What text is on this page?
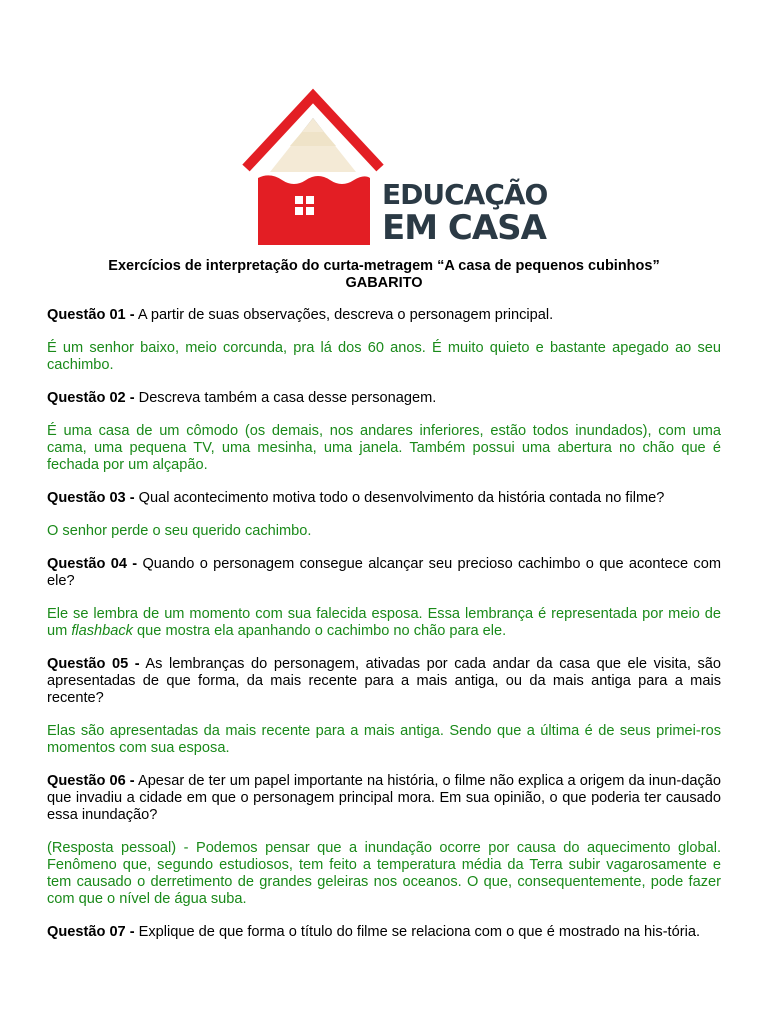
EDUCAÇÃO
EM CASA
Exercícios de interpretação do curta-metragem “A casa de pequenos cubinhos”
GABARITO

Questão 01 - A partir de suas observações, descreva o personagem principal.

É um senhor baixo, meio corcunda, pra lá dos 60 anos. É muito quieto e bastante apegado ao seu cachimbo.

Questão 02 - Descreva também a casa desse personagem.

É uma casa de um cômodo (os demais, nos andares inferiores, estão todos inundados), com uma cama, uma pequena TV, uma mesinha, uma janela. Também possui uma abertura no chão que é fechada por um alçapão.

Questão 03 - Qual acontecimento motiva todo o desenvolvimento da história contada no filme?

O senhor perde o seu querido cachimbo.

Questão 04 - Quando o personagem consegue alcançar seu precioso cachimbo o que acontece com ele?

Ele se lembra de um momento com sua falecida esposa. Essa lembrança é representada por meio de um flashback que mostra ela apanhando o cachimbo no chão para ele.

Questão 05 - As lembranças do personagem, ativadas por cada andar da casa que ele visita, são apresentadas de que forma, da mais recente para a mais antiga, ou da mais antiga para a mais recente?

Elas são apresentadas da mais recente para a mais antiga. Sendo que a última é de seus primei-ros momentos com sua esposa.

Questão 06 - Apesar de ter um papel importante na história, o filme não explica a origem da inun-dação que invadiu a cidade em que o personagem principal mora. Em sua opinião, o que poderia ter causado essa inundação?

(Resposta pessoal) - Podemos pensar que a inundação ocorre por causa do aquecimento global. Fenômeno que, segundo estudiosos, tem feito a temperatura média da Terra subir vagarosamente e tem causado o derretimento de grandes geleiras nos oceanos. O que, consequentemente, pode fazer com que o nível de água suba.

Questão 07 - Explique de que forma o título do filme se relaciona com o que é mostrado na his-tória.
